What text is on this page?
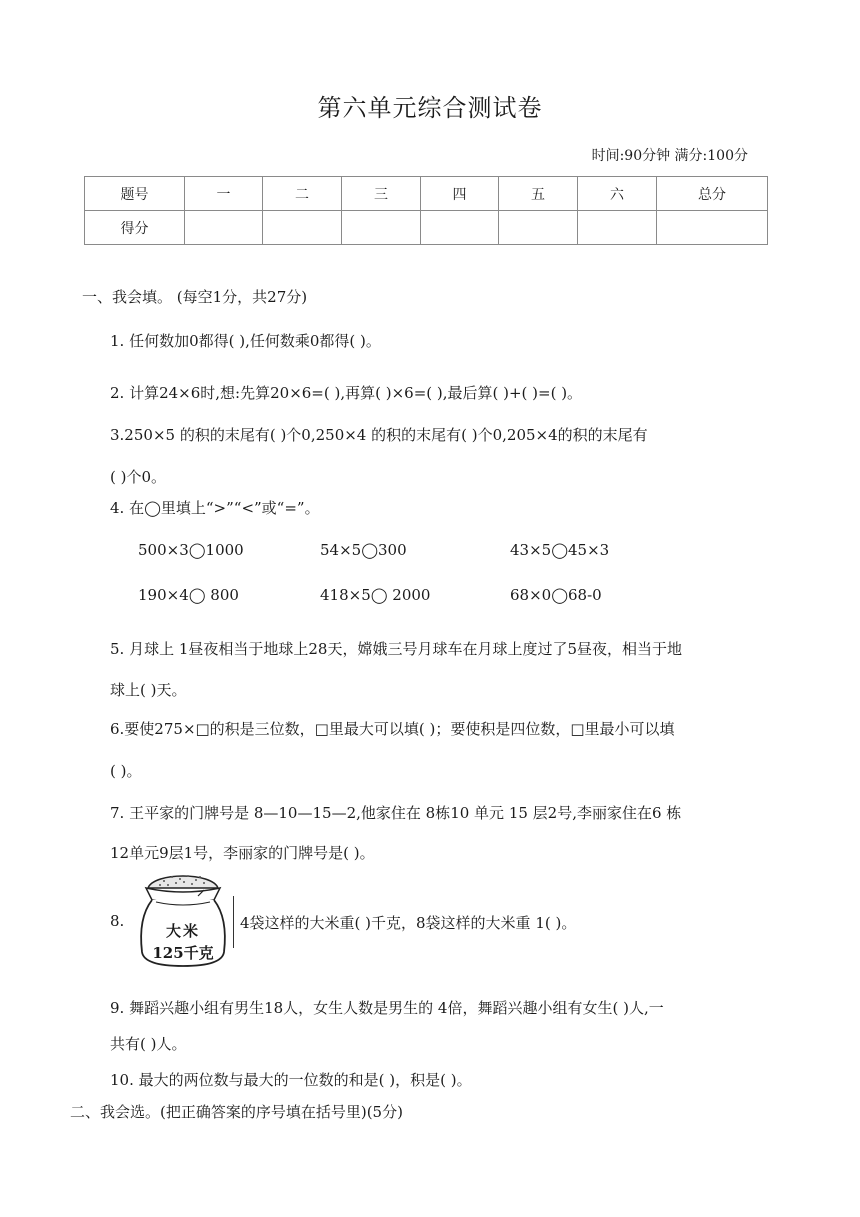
第六单元综合测试卷
时间:90分钟 满分:100分
题号	一	二	三	四	五	六	总分
得分							
一、我会填。 (每空1分，共27分)
1. 任何数加0都得( ),任何数乘0都得( )。
2. 计算24×6时,想:先算20×6=( ),再算( )×6=( ),最后算( )+( )=( )。
3.250×5 的积的末尾有( )个0,250×4 的积的末尾有( )个0,205×4的积的末尾有
( )个0。
4. 在◯里填上“>”“<”或“=”。
500×3◯1000	54×5◯300	43×5◯45×3
190×4◯ 800	418×5◯ 2000	68×0◯68-0
5. 月球上 1昼夜相当于地球上28天，嫦娥三号月球车在月球上度过了5昼夜，相当于地
球上( )天。
6.要使275×□的积是三位数，□里最大可以填( )；要使积是四位数，□里最小可以填
( )。
7. 王平家的门牌号是 8—10—15—2,他家住在 8栋10 单元 15 层2号,李丽家住在6 栋
12单元9层1号，李丽家的门牌号是( )。
8.
大米
125千克
4袋这样的大米重( )千克，8袋这样的大米重 1( )。
9. 舞蹈兴趣小组有男生18人，女生人数是男生的 4倍，舞蹈兴趣小组有女生( )人,一
共有( )人。
10. 最大的两位数与最大的一位数的和是( )，积是( )。
二、我会选。(把正确答案的序号填在括号里)(5分)
